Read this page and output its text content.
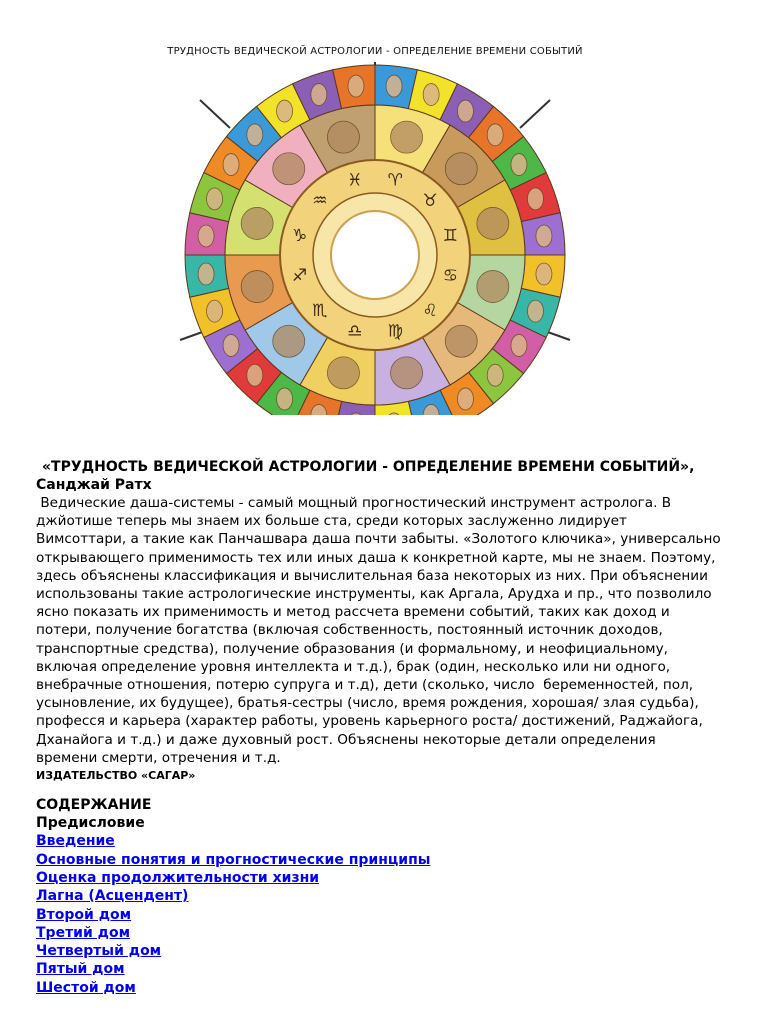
♈
♉
♊
♋
♌
♍
♎
♏
♐
♑
♒
♓
ТРУДНОСТЬ ВЕДИЧЕСКОЙ АСТРОЛОГИИ - ОПРЕДЕЛЕНИЕ ВРЕМЕНИ СОБЫТИЙ
«ТРУДНОСТЬ ВЕДИЧЕСКОЙ АСТРОЛОГИИ - ОПРЕДЕЛЕНИЕ ВРЕМЕНИ СОБЫТИЙ»,
Санджай Ратх
Ведические даша-системы - самый мощный прогностический инструмент астролога. В
джйотише теперь мы знаем их больше ста, среди которых заслуженно лидирует
Вимсоттари, а такие как Панчашвара даша почти забыты. «Золотого ключика», универсально
открывающего применимость тех или иных даша к конкретной карте, мы не знаем. Поэтому,
здесь объяснены классификация и вычислительная база некоторых из них. При объяснении
использованы такие астрологические инструменты, как Аргала, Арудха и пр., что позволило
ясно показать их применимость и метод рассчета времени событий, таких как доход и
потери, получение богатства (включая собственность, постоянный источник доходов,
транспортные средства), получение образования (и формальному, и неофициальному,
включая определение уровня интеллекта и т.д.), брак (один, несколько или ни одного,
внебрачные отношения, потерю супруга и т.д), дети (сколько, число  беременностей, пол,
усыновление, их будущее), братья-сестры (число, время рождения, хорошая/ злая судьба),
професся и карьера (характер работы, уровень карьерного роста/ достижений, Раджайога,
Дханайога и т.д.) и даже духовный рост. Объяснены некоторые детали определения
времени смерти, отречения и т.д.
ИЗДАТЕЛЬСТВО «САГАР»
СОДЕРЖАНИЕ
Предисловие
Введение
Основные понятия и прогностические принципы
Оценка продолжительности хизни
Лагна (Асцендент)
Второй дом
Третий дом
Четвертый дом
Пятый дом
Шестой дом
